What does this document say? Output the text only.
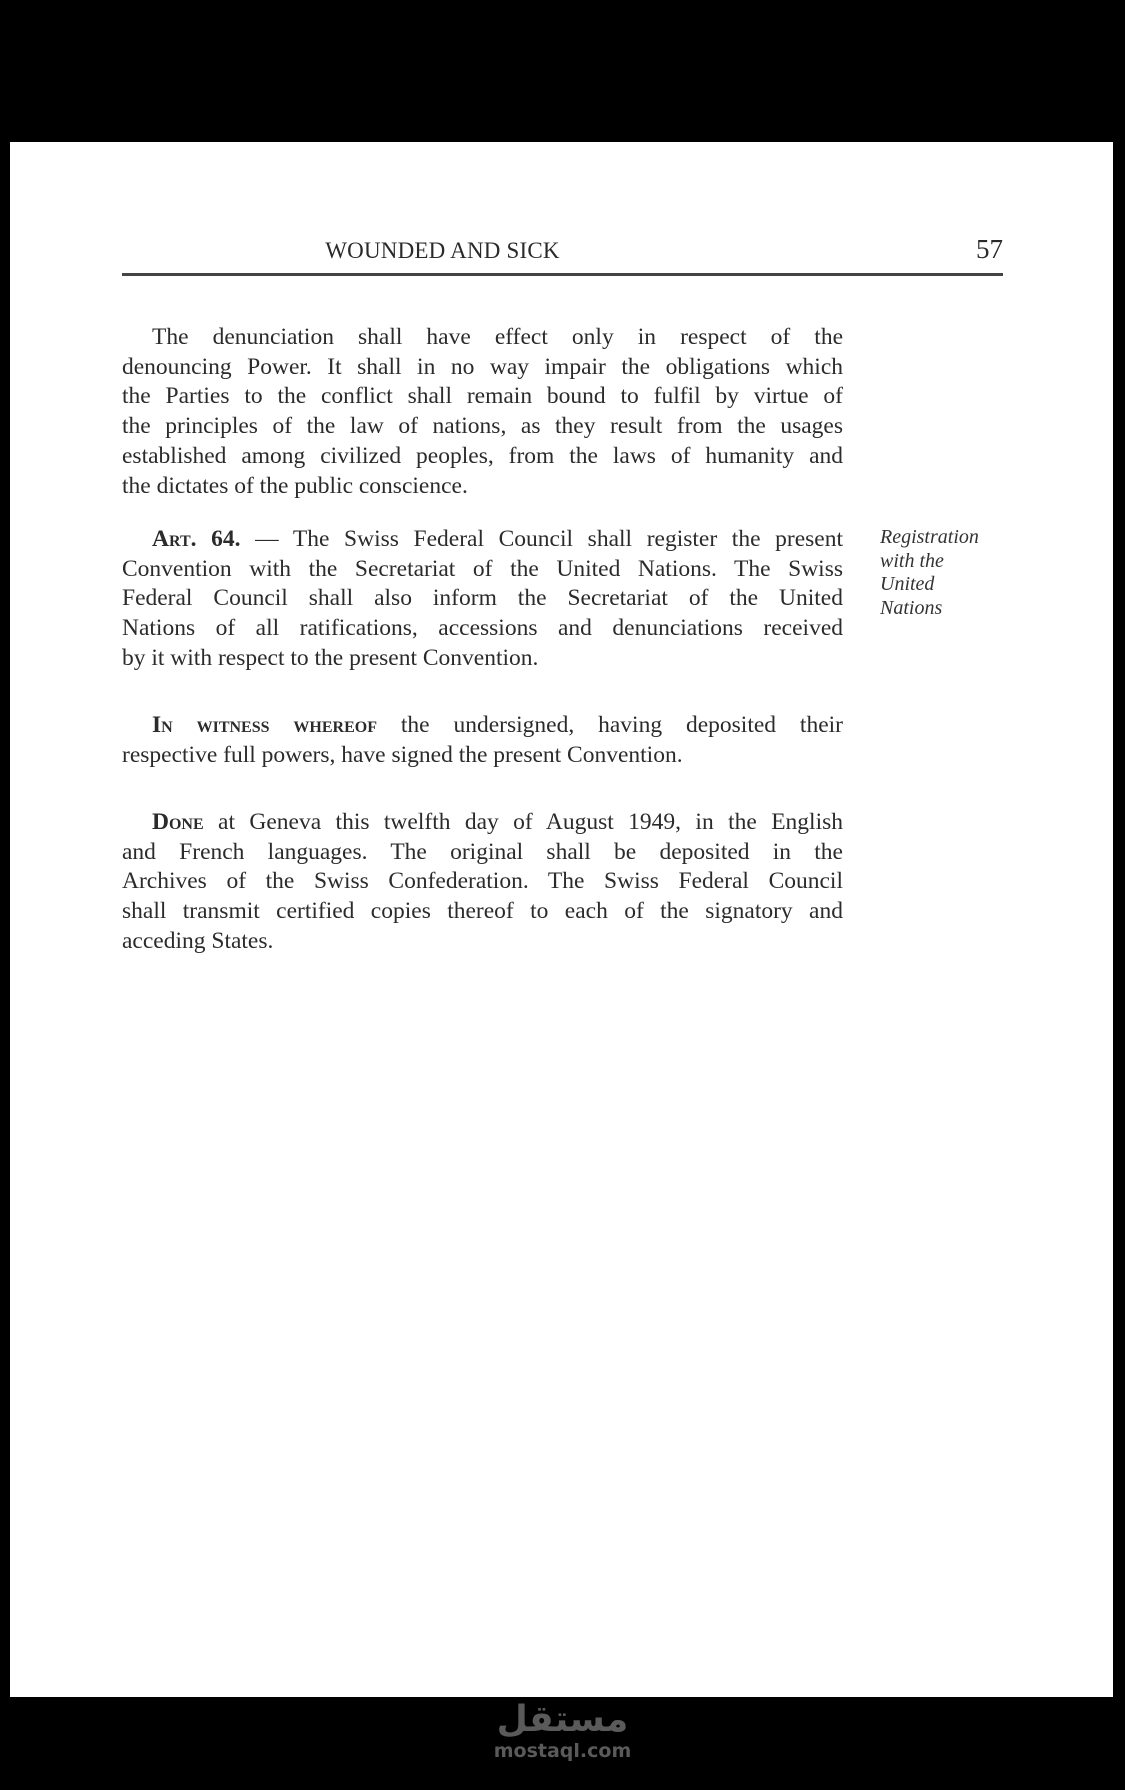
WOUNDED AND SICK	57
The denunciation shall have effect only in respect of the
denouncing Power. It shall in no way impair the obligations which
the Parties to the conflict shall remain bound to fulfil by virtue of
the principles of the law of nations, as they result from the usages
established among civilized peoples, from the laws of humanity and
the dictates of the public conscience.
Art. 64. — The Swiss Federal Council shall register the present
Convention with the Secretariat of the United Nations. The Swiss
Federal Council shall also inform the Secretariat of the United
Nations of all ratifications, accessions and denunciations received
by it with respect to the present Convention.
Registration
with the
United
Nations
In witness whereof the undersigned, having deposited their
respective full powers, have signed the present Convention.
Done at Geneva this twelfth day of August 1949, in the English
and French languages. The original shall be deposited in the
Archives of the Swiss Confederation. The Swiss Federal Council
shall transmit certified copies thereof to each of the signatory and
acceding States.
مستقل
mostaql.com
